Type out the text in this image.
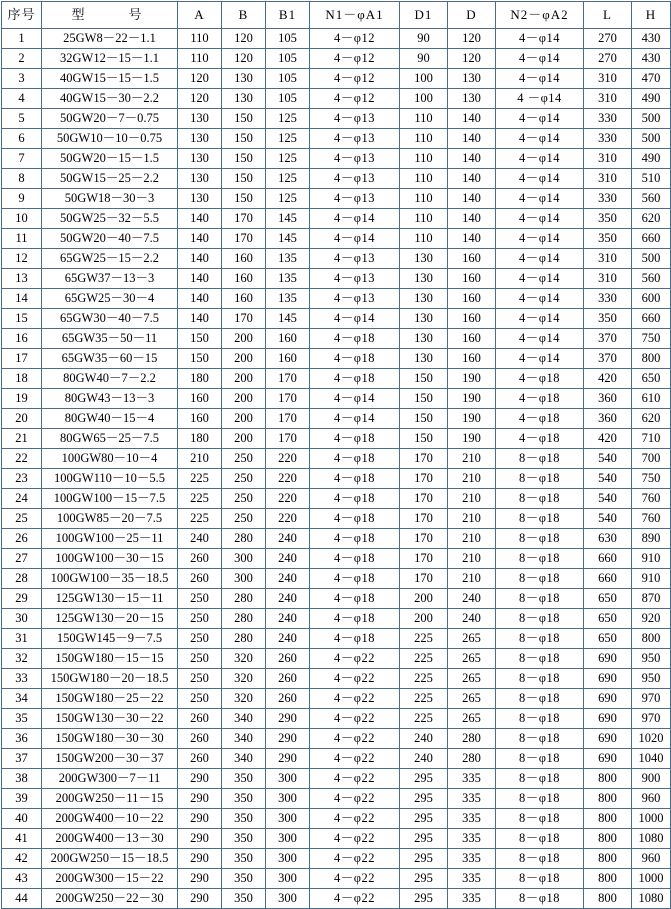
序号	型　　号	A	B	B1	N1－φA1	D1	D	N2－φA2	L	H
1	25GW8－22－1.1	110	120	105	4－φ12	90	120	4－φ14	270	430
2	32GW12－15－1.1	110	120	105	4－φ12	90	120	4－φ14	270	430
3	40GW15－15－1.5	120	130	105	4－φ12	100	130	4－φ14	310	470
4	40GW15－30－2.2	120	130	105	4－φ12	100	130	4 －φ14	310	490
5	50GW20－7－0.75	130	150	125	4－φ13	110	140	4－φ14	330	500
6	50GW10－10－0.75	130	150	125	4－φ13	110	140	4－φ14	330	500
7	50GW20－15－1.5	130	150	125	4－φ13	110	140	4－φ14	310	490
8	50GW15－25－2.2	130	150	125	4－φ13	110	140	4－φ14	310	510
9	50GW18－30－3	130	150	125	4－φ13	110	140	4－φ14	330	560
10	50GW25－32－5.5	140	170	145	4－φ14	110	140	4－φ14	350	620
11	50GW20－40－7.5	140	170	145	4－φ14	110	140	4－φ14	350	660
12	65GW25－15－2.2	140	160	135	4－φ13	130	160	4－φ14	310	500
13	65GW37－13－3	140	160	135	4－φ13	130	160	4－φ14	310	560
14	65GW25－30－4	140	160	135	4－φ13	130	160	4－φ14	330	600
15	65GW30－40－7.5	140	170	145	4－φ14	130	160	4－φ14	350	660
16	65GW35－50－11	150	200	160	4－φ18	130	160	4－φ14	370	750
17	65GW35－60－15	150	200	160	4－φ18	130	160	4－φ14	370	800
18	80GW40－7－2.2	180	200	170	4－φ18	150	190	4－φ18	420	650
19	80GW43－13－3	160	200	170	4－φ14	150	190	4－φ18	360	610
20	80GW40－15－4	160	200	170	4－φ14	150	190	4－φ18	360	620
21	80GW65－25－7.5	180	200	170	4－φ18	150	190	4－φ18	420	710
22	100GW80－10－4	210	250	220	4－φ18	170	210	8－φ18	540	700
23	100GW110－10－5.5	225	250	220	4－φ18	170	210	8－φ18	540	750
24	100GW100－15－7.5	225	250	220	4－φ18	170	210	8－φ18	540	760
25	100GW85－20－7.5	225	250	220	4－φ18	170	210	8－φ18	540	760
26	100GW100－25－11	240	280	240	4－φ18	170	210	8－φ18	630	890
27	100GW100－30－15	260	300	240	4－φ18	170	210	8－φ18	660	910
28	100GW100－35－18.5	260	300	240	4－φ18	170	210	8－φ18	660	910
29	125GW130－15－11	250	280	240	4－φ18	200	240	8－φ18	650	870
30	125GW130－20－15	250	280	240	4－φ18	200	240	8－φ18	650	920
31	150GW145－9－7.5	250	280	240	4－φ18	225	265	8－φ18	650	800
32	150GW180－15－15	250	320	260	4－φ22	225	265	8－φ18	690	950
33	150GW180－20－18.5	250	320	260	4－φ22	225	265	8－φ18	690	950
34	150GW180－25－22	250	320	260	4－φ22	225	265	8－φ18	690	970
35	150GW130－30－22	260	340	290	4－φ22	225	265	8－φ18	690	970
36	150GW180－30－30	260	340	290	4－φ22	240	280	8－φ18	690	1020
37	150GW200－30－37	260	340	290	4－φ22	240	280	8－φ18	690	1040
38	200GW300－7－11	290	350	300	4－φ22	295	335	8－φ18	800	900
39	200GW250－11－15	290	350	300	4－φ22	295	335	8－φ18	800	960
40	200GW400－10－22	290	350	300	4－φ22	295	335	8－φ18	800	1000
41	200GW400－13－30	290	350	300	4－φ22	295	335	8－φ18	800	1080
42	200GW250－15－18.5	290	350	300	4－φ22	295	335	8－φ18	800	960
43	200GW300－15－22	290	350	300	4－φ22	295	335	8－φ18	800	1000
44	200GW250－22－30	290	350	300	4－φ22	295	335	8－φ18	800	1080
